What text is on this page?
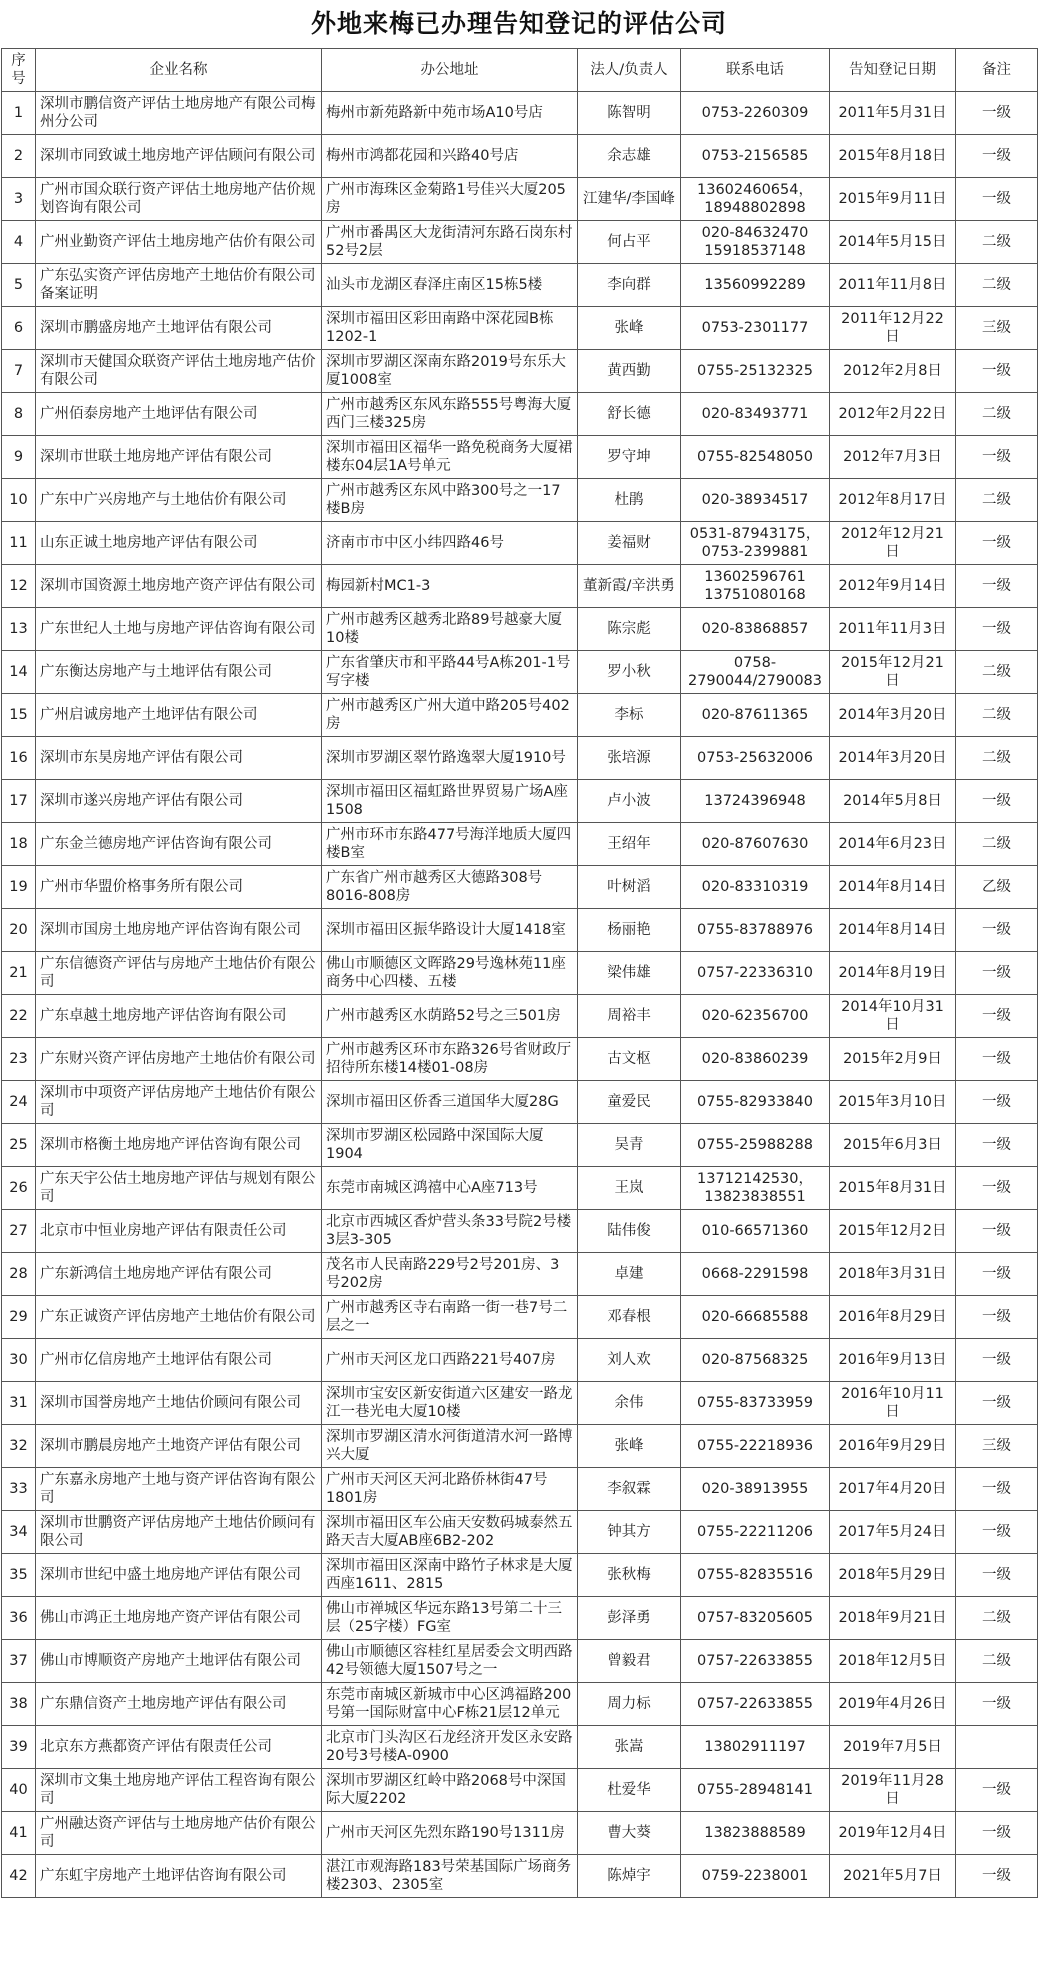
外地来梅已办理告知登记的评估公司
序号	企业名称	办公地址	法人/负责人	联系电话	告知登记日期	备注
1	深圳市鹏信资产评估土地房地产有限公司梅州分公司	梅州市新苑路新中苑市场A10号店	陈智明	0753-2260309	2011年5月31日	一级
2	深圳市同致诚土地房地产评估顾问有限公司	梅州市鸿都花园和兴路40号店	余志雄	0753-2156585	2015年8月18日	一级
3	广州市国众联行资产评估土地房地产估价规划咨询有限公司	广州市海珠区金菊路1号佳兴大厦205房	江建华/李国峰	13602460654，18948802898	2015年9月11日	一级
4	广州业勤资产评估土地房地产估价有限公司	广州市番禺区大龙街清河东路石岗东村52号2层	何占平	020-84632470 15918537148	2014年5月15日	二级
5	广东弘实资产评估房地产土地估价有限公司备案证明	汕头市龙湖区春泽庄南区15栋5楼	李向群	13560992289	2011年11月8日	二级
6	深圳市鹏盛房地产土地评估有限公司	深圳市福田区彩田南路中深花园B栋1202-1	张峰	0753-2301177	2011年12月22日	三级
7	深圳市天健国众联资产评估土地房地产估价有限公司	深圳市罗湖区深南东路2019号东乐大厦1008室	黄西勤	0755-25132325	2012年2月8日	一级
8	广州佰泰房地产土地评估有限公司	广州市越秀区东风东路555号粤海大厦西门三楼325房	舒长德	020-83493771	2012年2月22日	二级
9	深圳市世联土地房地产评估有限公司	深圳市福田区福华一路免税商务大厦裙楼东04层1A号单元	罗守坤	0755-82548050	2012年7月3日	一级
10	广东中广兴房地产与土地估价有限公司	广州市越秀区东风中路300号之一17楼B房	杜鹃	020-38934517	2012年8月17日	二级
11	山东正诚土地房地产评估有限公司	济南市市中区小纬四路46号	姜福财	0531-87943175，0753-2399881	2012年12月21日	一级
12	深圳市国资源土地房地产资产评估有限公司	梅园新村MC1-3	董新霞/辛洪勇	13602596761 13751080168	2012年9月14日	一级
13	广东世纪人土地与房地产评估咨询有限公司	广州市越秀区越秀北路89号越豪大厦10楼	陈宗彪	020-83868857	2011年11月3日	一级
14	广东衡达房地产与土地评估有限公司	广东省肇庆市和平路44号A栋201-1号写字楼	罗小秋	0758-2790044/2790083	2015年12月21日	二级
15	广州启诚房地产土地评估有限公司	广州市越秀区广州大道中路205号402房	李标	020-87611365	2014年3月20日	二级
16	深圳市东昊房地产评估有限公司	深圳市罗湖区翠竹路逸翠大厦1910号	张培源	0753-25632006	2014年3月20日	二级
17	深圳市遂兴房地产评估有限公司	深圳市福田区福虹路世界贸易广场A座1508	卢小波	13724396948	2014年5月8日	一级
18	广东金兰德房地产评估咨询有限公司	广州市环市东路477号海洋地质大厦四楼B室	王绍年	020-87607630	2014年6月23日	二级
19	广州市华盟价格事务所有限公司	广东省广州市越秀区大德路308号8016-808房	叶树滔	020-83310319	2014年8月14日	乙级
20	深圳市国房土地房地产评估咨询有限公司	深圳市福田区振华路设计大厦1418室	杨丽艳	0755-83788976	2014年8月14日	一级
21	广东信德资产评估与房地产土地估价有限公司	佛山市顺德区文晖路29号逸林苑11座商务中心四楼、五楼	梁伟雄	0757-22336310	2014年8月19日	一级
22	广东卓越土地房地产评估咨询有限公司	广州市越秀区水荫路52号之三501房	周裕丰	020-62356700	2014年10月31日	一级
23	广东财兴资产评估房地产土地估价有限公司	广州市越秀区环市东路326号省财政厅招待所东楼14楼01-08房	古文枢	020-83860239	2015年2月9日	一级
24	深圳市中项资产评估房地产土地估价有限公司	深圳市福田区侨香三道国华大厦28G	童爱民	0755-82933840	2015年3月10日	一级
25	深圳市格衡土地房地产评估咨询有限公司	深圳市罗湖区松园路中深国际大厦1904	吴青	0755-25988288	2015年6月3日	一级
26	广东天宇公估土地房地产评估与规划有限公司	东莞市南城区鸿禧中心A座713号	王岚	13712142530，13823838551	2015年8月31日	一级
27	北京市中恒业房地产评估有限责任公司	北京市西城区香炉营头条33号院2号楼3层3-305	陆伟俊	010-66571360	2015年12月2日	一级
28	广东新鸿信土地房地产评估有限公司	茂名市人民南路229号2号201房、3号202房	卓建	0668-2291598	2018年3月31日	一级
29	广东正诚资产评估房地产土地估价有限公司	广州市越秀区寺右南路一街一巷7号二层之一	邓春根	020-66685588	2016年8月29日	一级
30	广州市亿信房地产土地评估有限公司	广州市天河区龙口西路221号407房	刘人欢	020-87568325	2016年9月13日	一级
31	深圳市国誉房地产土地估价顾问有限公司	深圳市宝安区新安街道六区建安一路龙江一巷光电大厦10楼	余伟	0755-83733959	2016年10月11日	一级
32	深圳市鹏晨房地产土地资产评估有限公司	深圳市罗湖区清水河街道清水河一路博兴大厦	张峰	0755-22218936	2016年9月29日	三级
33	广东嘉永房地产土地与资产评估咨询有限公司	广州市天河区天河北路侨林街47号1801房	李叙霖	020-38913955	2017年4月20日	一级
34	深圳市世鹏资产评估房地产土地估价顾问有限公司	深圳市福田区车公庙天安数码城泰然五路天吉大厦AB座6B2-202	钟其方	0755-22211206	2017年5月24日	一级
35	深圳市世纪中盛土地房地产评估有限公司	深圳市福田区深南中路竹子林求是大厦西座1611、2815	张秋梅	0755-82835516	2018年5月29日	一级
36	佛山市鸿正土地房地产资产评估有限公司	佛山市禅城区华远东路13号第二十三层（25字楼）FG室	彭泽勇	0757-83205605	2018年9月21日	二级
37	佛山市博顺资产房地产土地评估有限公司	佛山市顺德区容桂红星居委会文明西路42号领德大厦1507号之一	曾毅君	0757-22633855	2018年12月5日	二级
38	广东鼎信资产土地房地产评估有限公司	东莞市南城区新城市中心区鸿福路200号第一国际财富中心F栋21层12单元	周力标	0757-22633855	2019年4月26日	一级
39	北京东方燕都资产评估有限责任公司	北京市门头沟区石龙经济开发区永安路20号3号楼A-0900	张嵩	13802911197	2019年7月5日	
40	深圳市文集土地房地产评估工程咨询有限公司	深圳市罗湖区红岭中路2068号中深国际大厦2202	杜爱华	0755-28948141	2019年11月28日	一级
41	广州融达资产评估与土地房地产估价有限公司	广州市天河区先烈东路190号1311房	曹大葵	13823888589	2019年12月4日	一级
42	广东虹宇房地产土地评估咨询有限公司	湛江市观海路183号荣基国际广场商务楼2303、2305室	陈焯宇	0759-2238001	2021年5月7日	一级
